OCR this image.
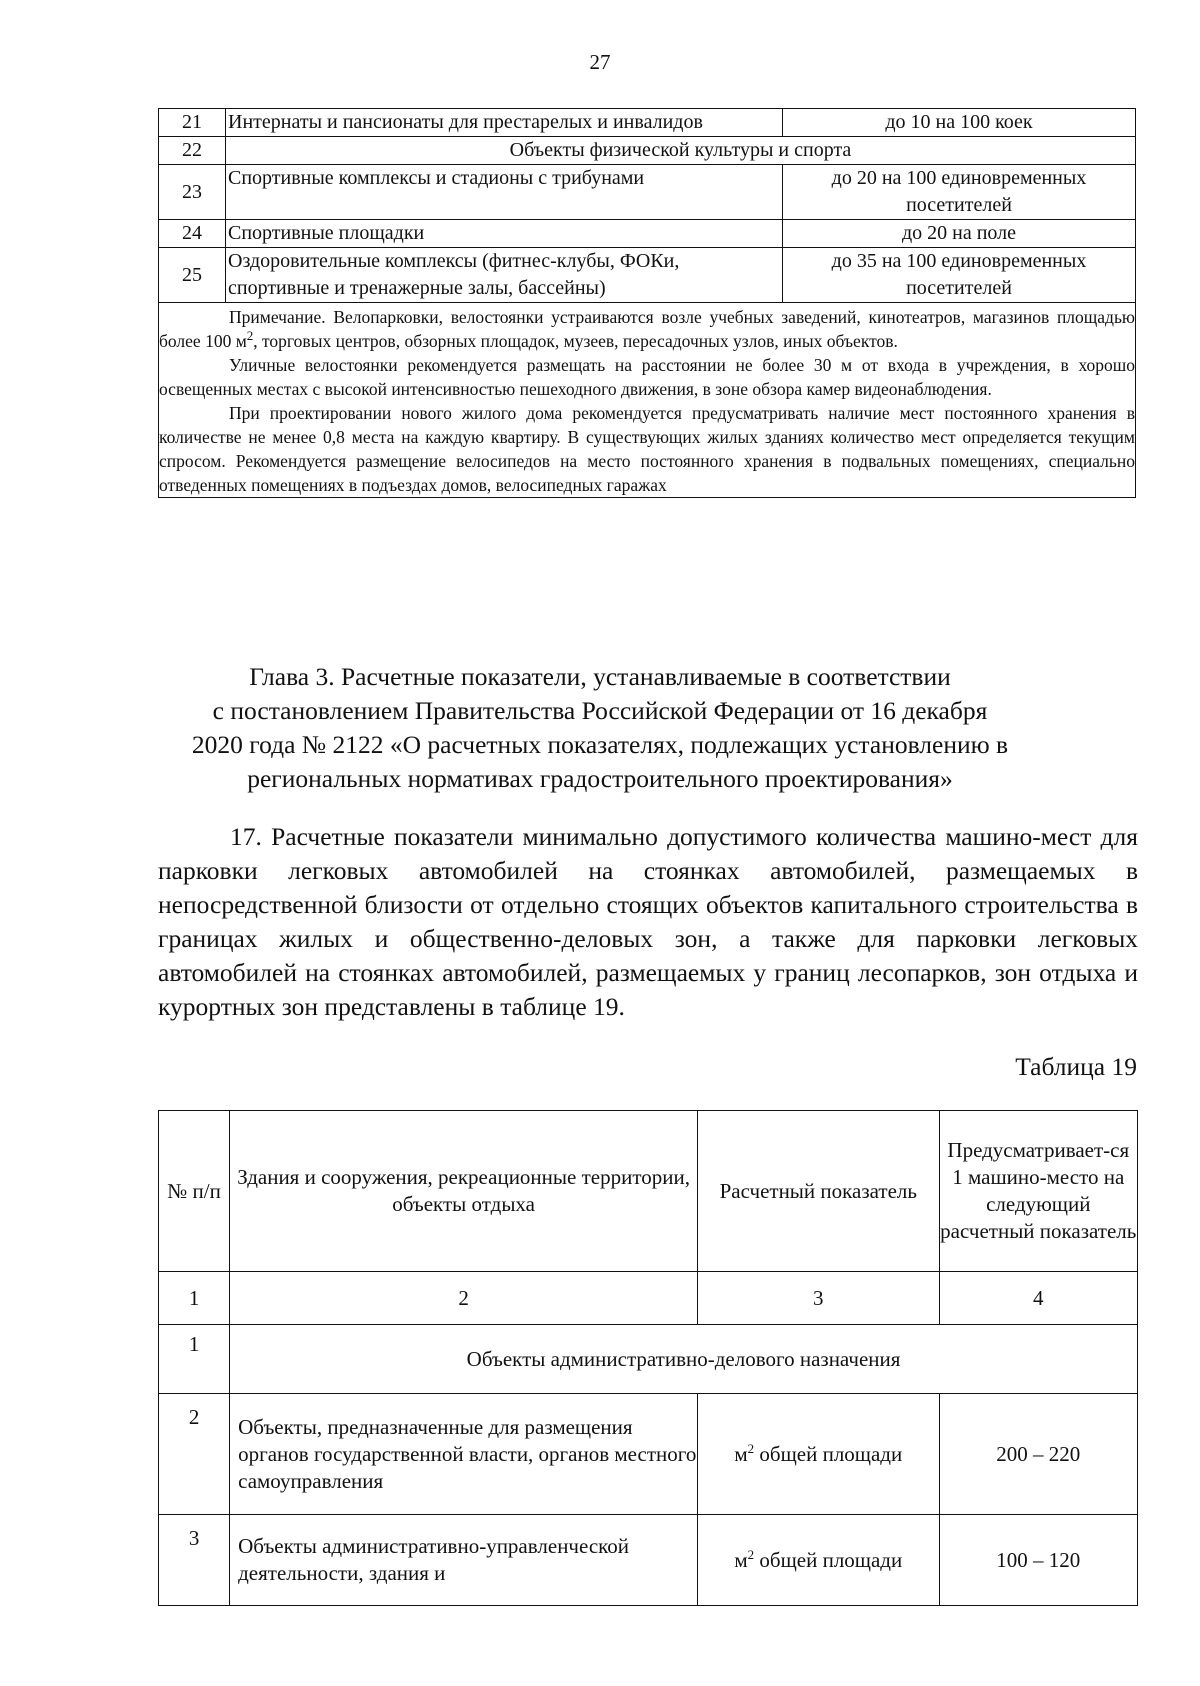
27
21	Интернаты и пансионаты для престарелых и инвалидов	до 10 на 100 коек
22	Объекты физической культуры и спорта	
23	Спортивные комплексы и стадионы с трибунами	до 20 на 100 единовременных посетителей
24	Спортивные площадки	до 20 на поле
25	Оздоровительные комплексы (фитнес-клубы, ФОКи, спортивные и тренажерные залы, бассейны)	до 35 на 100 единовременных посетителей

Примечание. Велопарковки, велостоянки устраиваются возле учебных заведений, кинотеатров, магазинов площадью более 100 $м^2$, торговых центров, обзорных площадок, музеев, пересадочных узлов, иных объектов.

Уличные велостоянки рекомендуется размещать на расстоянии не более 30 м от входа в учреждения, в хорошо освещенных местах с высокой интенсивностью пешеходного движения, в зоне обзора камер видеонаблюдения.

При проектировании нового жилого дома рекомендуется предусматривать наличие мест постоянного хранения в количестве не менее 0,8 места на каждую квартиру. В существующих жилых зданиях количество мест определяется текущим спросом. Рекомендуется размещение велосипедов на место постоянного хранения в подвальных помещениях, специально отведенных помещениях в подъездах домов, велосипедных гаражах		

Глава 3. Расчетные показатели, устанавливаемые в соответствии
с постановлением Правительства Российской Федерации от 16 декабря
2020 года № 2122 «О расчетных показателях, подлежащих установлению в
региональных нормативах градостроительного проектирования»

17. Расчетные показатели минимально допустимого количества машино-мест для парковки легковых автомобилей на стоянках автомобилей, размещаемых в непосредственной близости от отдельно стоящих объектов капитального строительства в границах жилых и общественно-деловых зон, а также для парковки легковых автомобилей на стоянках автомобилей, размещаемых у границ лесопарков, зон отдыха и курортных зон представлены в таблице 19.

Таблица 19
№ п/п	Здания и сооружения, рекреационные территории, объекты отдыха	Расчетный показатель	Предусматривает-ся 1 машино-место на следующий расчетный показатель
1	2	3	4
1	Объекты административно-делового назначения		
2	Объекты, предназначенные для размещения органов государственной власти, органов местного самоуправления	$м^2$ общей площади	200 – 220
3	Объекты административно-управленческой деятельности, здания и	$м^2$ общей площади	100 – 120
